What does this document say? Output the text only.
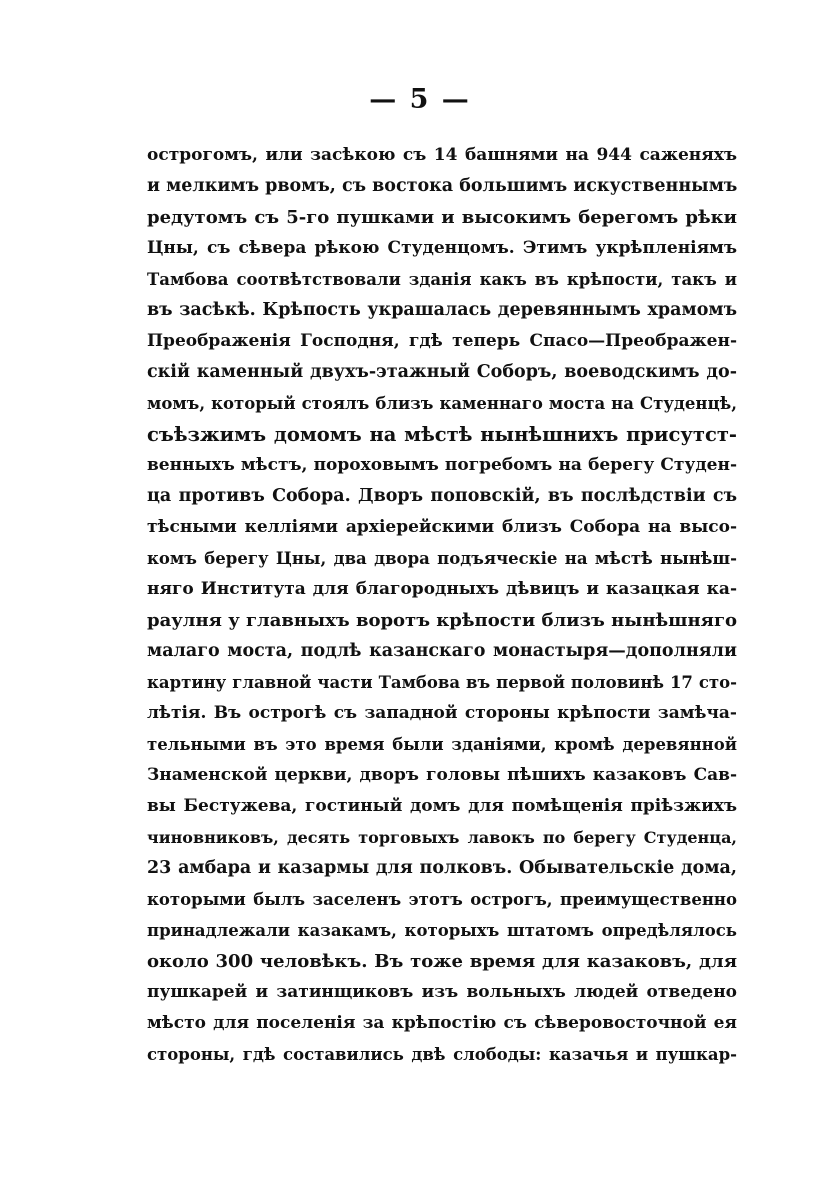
— 5 —
острогомъ, или засѣкою съ 14 башнями на 944 саженяхъ
и мелкимъ рвомъ, съ востока большимъ искуственнымъ
редутомъ съ 5-го пушками и высокимъ берегомъ рѣки
Цны, съ сѣвера рѣкою Студенцомъ. Этимъ укрѣпленіямъ
Тамбова соотвѣтствовали зданія какъ въ крѣпости, такъ и
въ засѣкѣ. Крѣпость украшалась деревяннымъ храмомъ
Преображенія Господня, гдѣ теперь Спасо—Преображен-
скій каменный двухъ-этажный Соборъ, воеводскимъ до-
момъ, который стоялъ близъ каменнаго моста на Студенцѣ,
съѣзжимъ домомъ на мѣстѣ нынѣшнихъ присутст-
венныхъ мѣстъ, пороховымъ погребомъ на берегу Студен-
ца противъ Собора. Дворъ поповскій, въ послѣдствіи съ
тѣсными келліями архіерейскими близъ Собора на высо-
комъ берегу Цны, два двора подъяческіе на мѣстѣ нынѣш-
няго Института для благородныхъ дѣвицъ и казацкая ка-
раулня у главныхъ воротъ крѣпости близъ нынѣшняго
малаго моста, подлѣ казанскаго монастыря—дополняли
картину главной части Тамбова въ первой половинѣ 17 сто-
лѣтія. Въ острогѣ съ западной стороны крѣпости замѣча-
тельными въ это время были зданіями, кромѣ деревянной
Знаменской церкви, дворъ головы пѣшихъ казаковъ Сав-
вы Бестужева, гостиный домъ для помѣщенія пріѣзжихъ
чиновниковъ, десять торговыхъ лавокъ по берегу Студенца,
23 амбара и казармы для полковъ. Обывательскіе дома,
которыми былъ заселенъ этотъ острогъ, преимущественно
принадлежали казакамъ, которыхъ штатомъ опредѣлялось
около 300 человѣкъ. Въ тоже время для казаковъ, для
пушкарей и затинщиковъ изъ вольныхъ людей отведено
мѣсто для поселенія за крѣпостію съ сѣверовосточной ея
стороны, гдѣ составились двѣ слободы: казачья и пушкар-
